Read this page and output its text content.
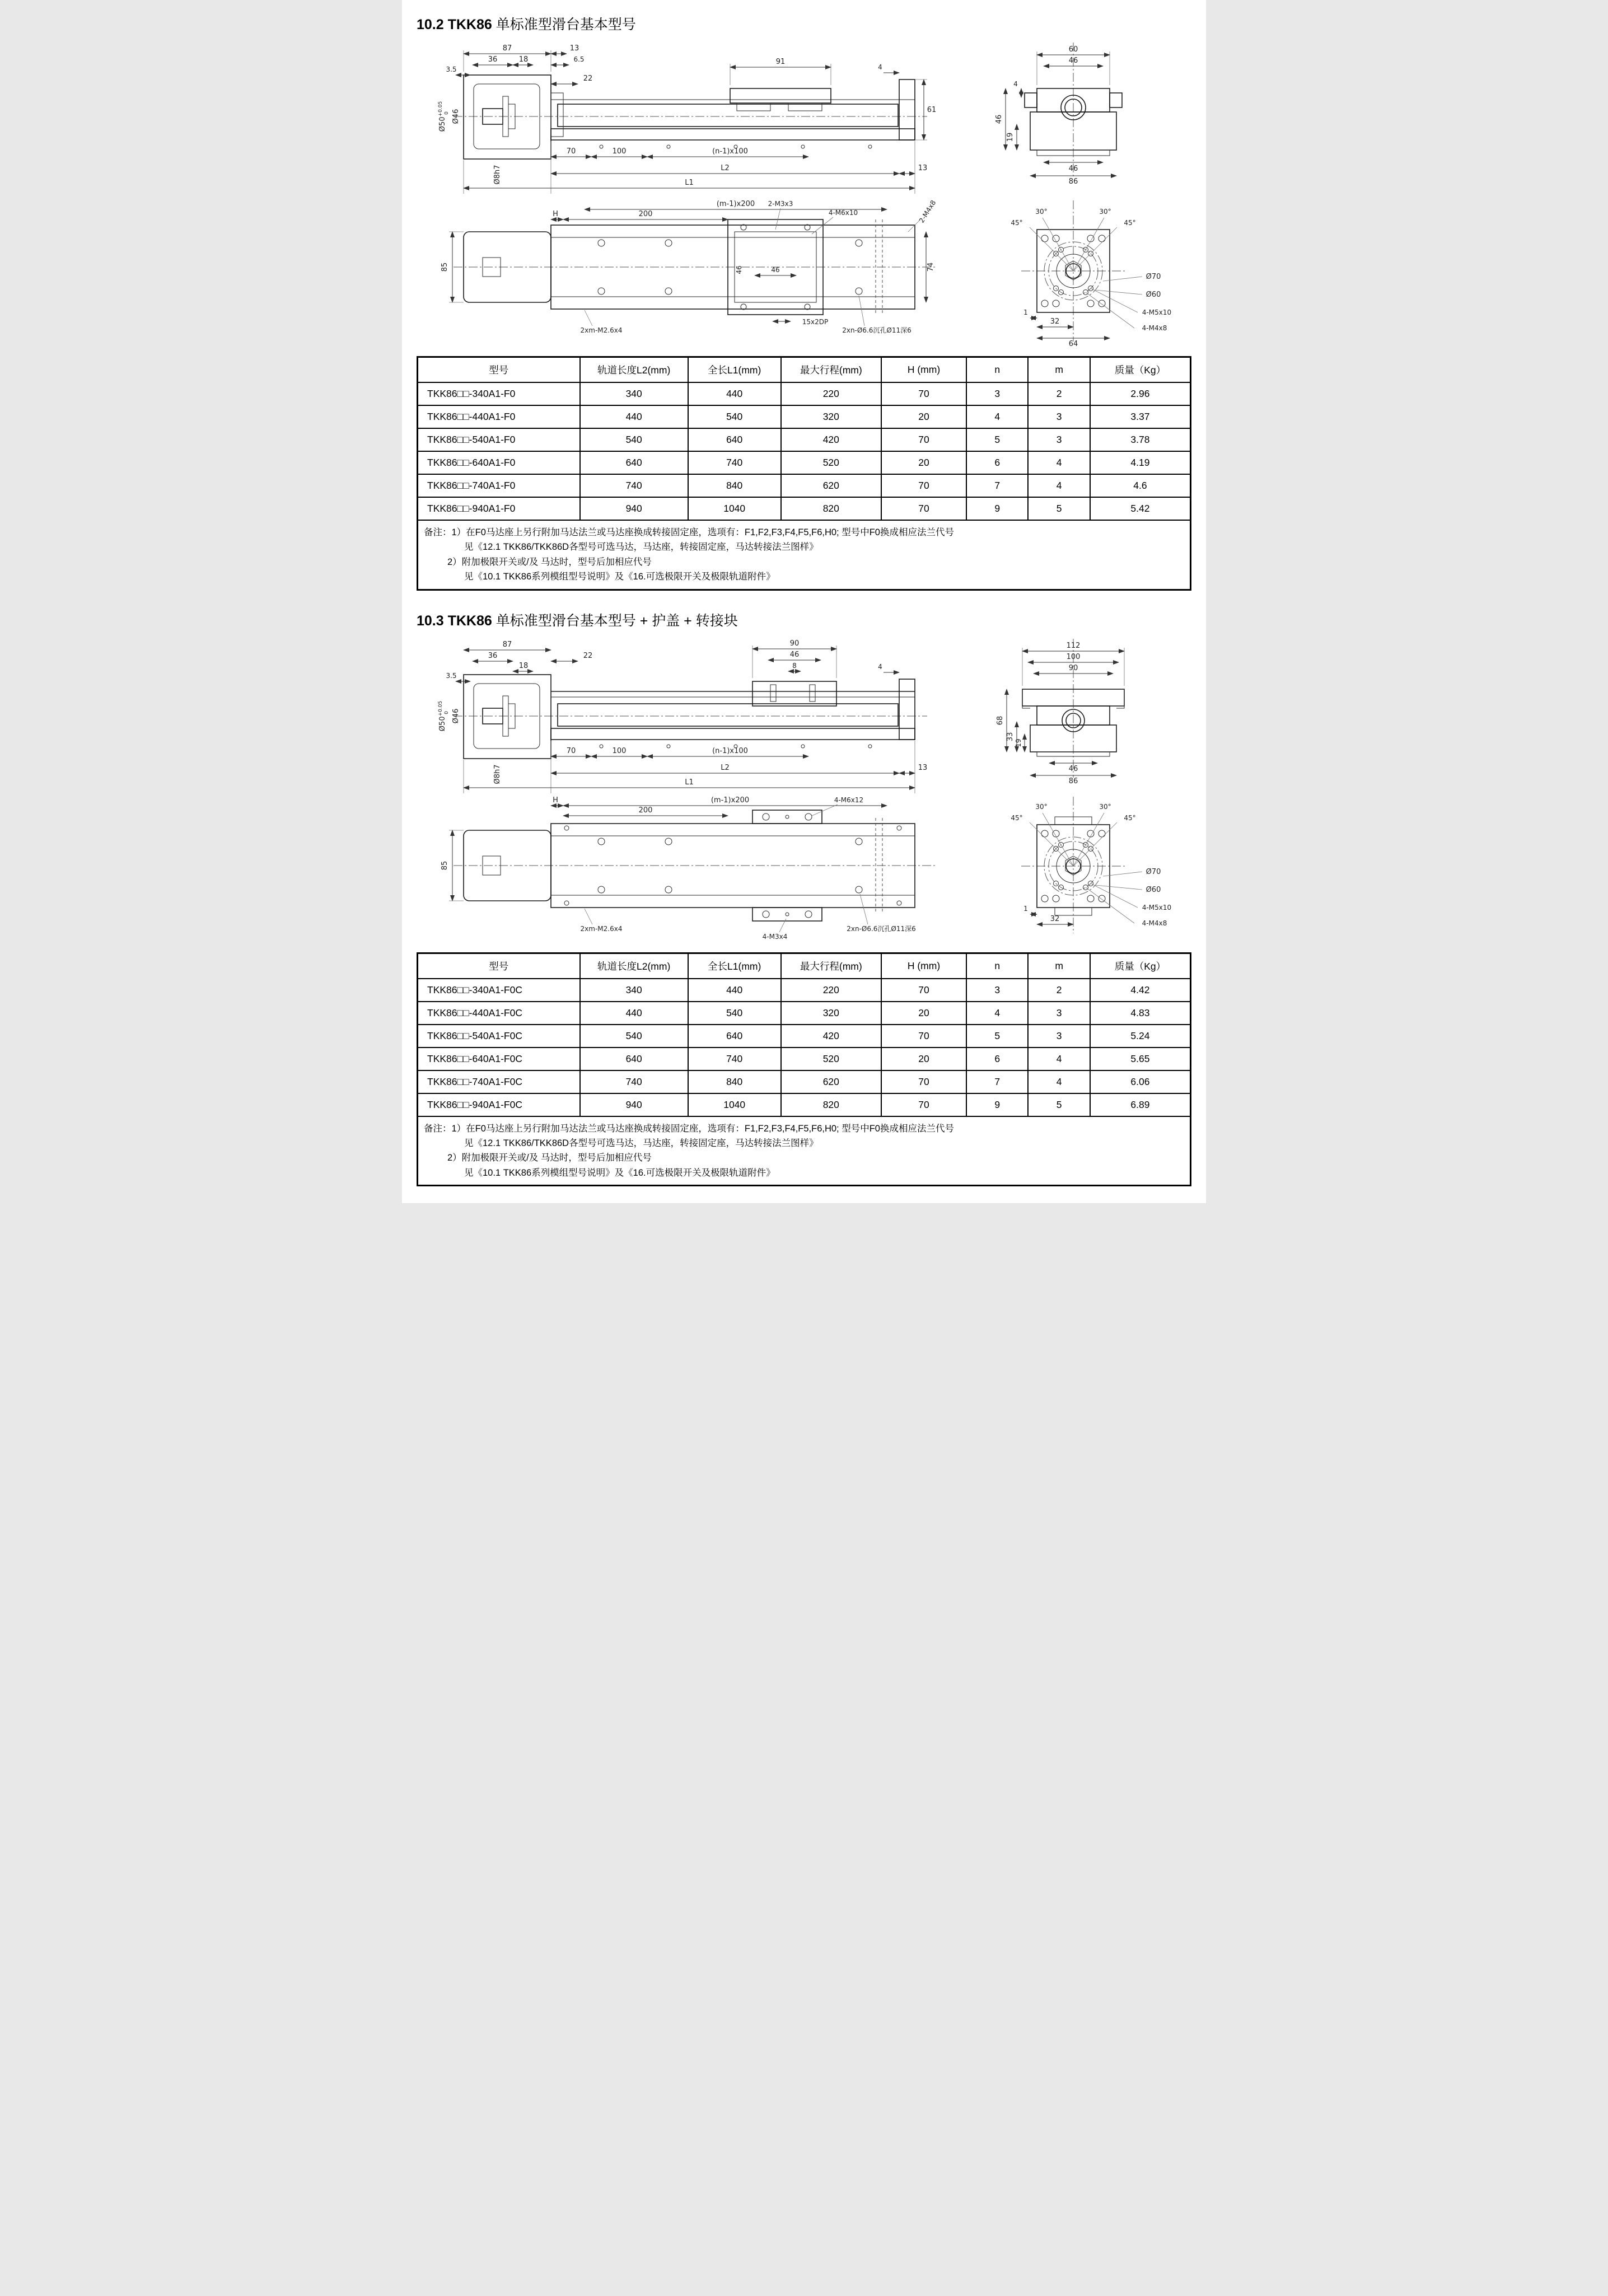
10.2 TKK86 单标准型滑台基本型号
87
36	18
3.5
13
6.5
22
91
4
61
$Ø50^{+0.05}0$ Ø46
Ø8h7
70	100	(n-1)x100
L2	13
L1
60
46
4
46
19
46
86
(m-1)x200
H	200
2-M3x3
4-M6x10	2-M4x8
85	74
46	46
15x2DP
2xm-M2.6x4	2xn-Ø6.6沉孔Ø11深6
45°
30°	30°
45°
Ø70
Ø60
4-M5x10
4-M4x8
1
32
64
型号	轨道长度L2(mm)	全长L1(mm)	最大行程(mm)	H (mm)	n	m	质量（Kg）
TKK86□□-340A1-F0	340	440	220	70	3	2	2.96
TKK86□□-440A1-F0	440	540	320	20	4	3	3.37
TKK86□□-540A1-F0	540	640	420	70	5	3	3.78
TKK86□□-640A1-F0	640	740	520	20	6	4	4.19
TKK86□□-740A1-F0	740	840	620	70	7	4	4.6
TKK86□□-940A1-F0	940	1040	820	70	9	5	5.42

备注：1）在F0马达座上另行附加马达法兰或马达座换成转接固定座，选项有：F1,F2,F3,F4,F5,F6,H0; 型号中F0换成相应法兰代号
见《12.1 TKK86/TKK86D各型号可选马达，马达座，转接固定座，马达转接法兰图样》
2）附加极限开关或/及 马达时，型号后加相应代号
见《10.1 TKK86系列模组型号说明》及《16.可选极限开关及极限轨道附件》							
10.3 TKK86 单标准型滑台基本型号 + 护盖 + 转接块
87
36
18
3.5
22
90
46
8	4
$Ø50^{+0.05}0$ Ø46
Ø8h7
70	100	(n-1)x100
L2	13
L1
112
100
90
68
33
19
46
86
H	(m-1)x200
200
4-M6x12
85
2xm-M2.6x4
4-M3x4
2xn-Ø6.6沉孔Ø11深6
45°
30°	30°
45°
Ø70
Ø60
4-M5x10
4-M4x8
1
32
型号	轨道长度L2(mm)	全长L1(mm)	最大行程(mm)	H (mm)	n	m	质量（Kg）
TKK86□□-340A1-F0C	340	440	220	70	3	2	4.42
TKK86□□-440A1-F0C	440	540	320	20	4	3	4.83
TKK86□□-540A1-F0C	540	640	420	70	5	3	5.24
TKK86□□-640A1-F0C	640	740	520	20	6	4	5.65
TKK86□□-740A1-F0C	740	840	620	70	7	4	6.06
TKK86□□-940A1-F0C	940	1040	820	70	9	5	6.89

备注：1）在F0马达座上另行附加马达法兰或马达座换成转接固定座，选项有：F1,F2,F3,F4,F5,F6,H0; 型号中F0换成相应法兰代号
见《12.1 TKK86/TKK86D各型号可选马达，马达座，转接固定座，马达转接法兰图样》
2）附加极限开关或/及 马达时，型号后加相应代号
见《10.1 TKK86系列模组型号说明》及《16.可选极限开关及极限轨道附件》							
